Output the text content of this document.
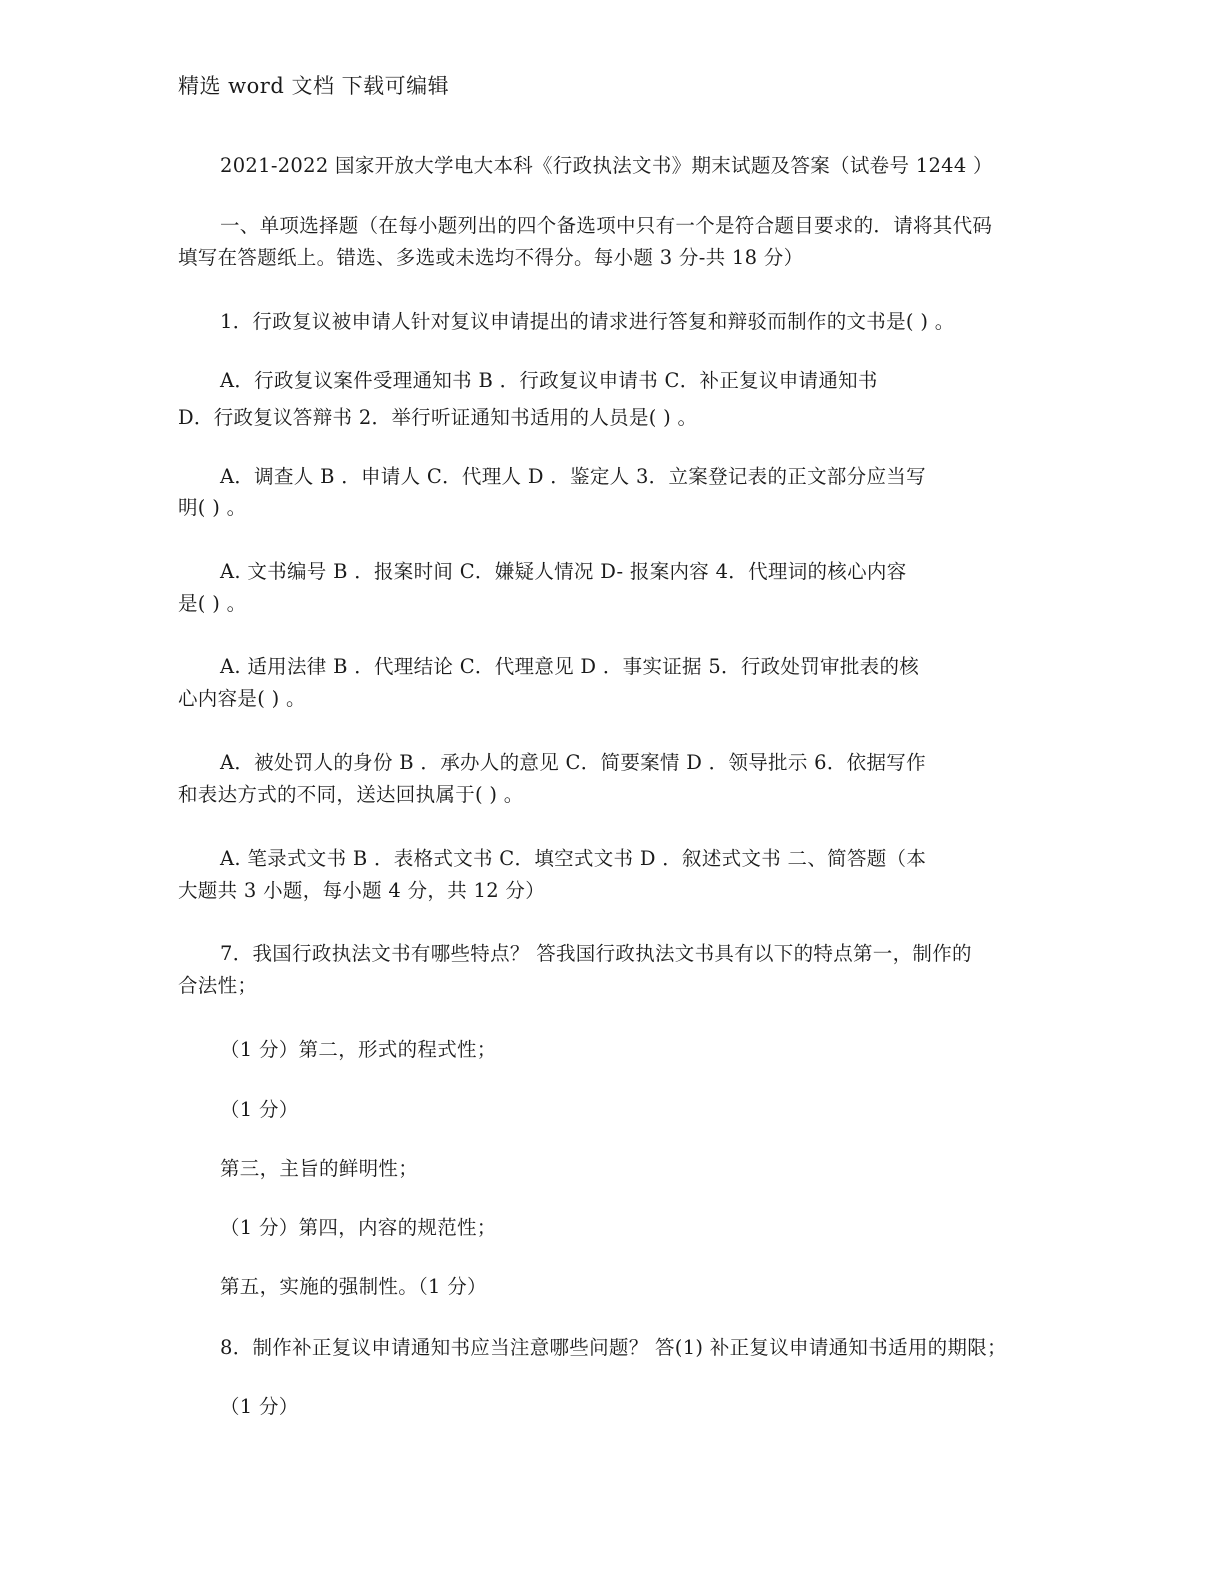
精选 word 文档 下载可编辑
2021-2022 国家开放大学电大本科《行政执法文书》期末试题及答案（试卷号 1244 ）
一、单项选择题（在每小题列出的四个备选项中只有一个是符合题目要求的．请将其代码
填写在答题纸上。错选、多选或未选均不得分。每小题 3 分-共 18 分）
1．行政复议被申请人针对复议申请提出的请求进行答复和辩驳而制作的文书是( ) 。
A．行政复议案件受理通知书 B ．行政复议申请书 C．补正复议申请通知书
D．行政复议答辩书 2．举行听证通知书适用的人员是( ) 。
A．调查人 B ．申请人 C．代理人 D ．鉴定人 3．立案登记表的正文部分应当写
明( ) 。
A. 文书编号 B ．报案时间 C．嫌疑人情况 D- 报案内容 4．代理词的核心内容
是( ) 。
A. 适用法律 B ．代理结论 C．代理意见 D ．事实证据 5．行政处罚审批表的核
心内容是( ) 。
A．被处罚人的身份 B ．承办人的意见 C．简要案情 D ．领导批示 6．依据写作
和表达方式的不同，送达回执属于( ) 。
A. 笔录式文书 B ．表格式文书 C．填空式文书 D ．叙述式文书 二、简答题（本
大题共 3 小题，每小题 4 分，共 12 分）
7．我国行政执法文书有哪些特点？ 答我国行政执法文书具有以下的特点第一，制作的
合法性；
（1 分）第二，形式的程式性；
（1 分）
第三，主旨的鲜明性；
（1 分）第四，内容的规范性；
第五，实施的强制性。（1 分）
8．制作补正复议申请通知书应当注意哪些问题？ 答(1) 补正复议申请通知书适用的期限；
（1 分）
